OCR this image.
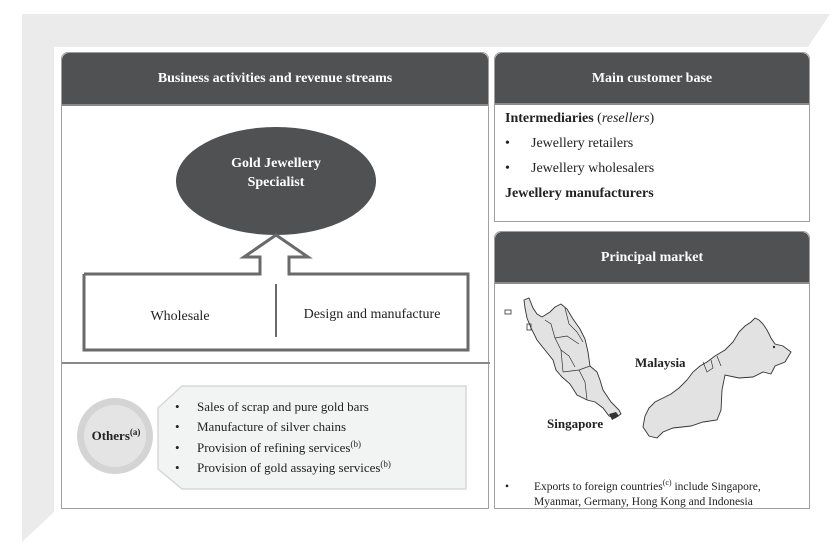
Business activities and revenue streams
Gold Jewellery
Specialist
Wholesale	Design and manufacture
Others$^{(a)}$
• Sales of scrap and pure gold bars
• Manufacture of silver chains
• Provision of refining services$^{(b)}$
• Provision of gold assaying services$^{(b)}$
Main customer base
Intermediaries (resellers)
• Jewellery retailers
• Jewellery wholesalers
Jewellery manufacturers
Principal market
Malaysia
Singapore
• Exports to foreign countries$^{(c)}$ include Singapore,
Myanmar, Germany, Hong Kong and Indonesia
